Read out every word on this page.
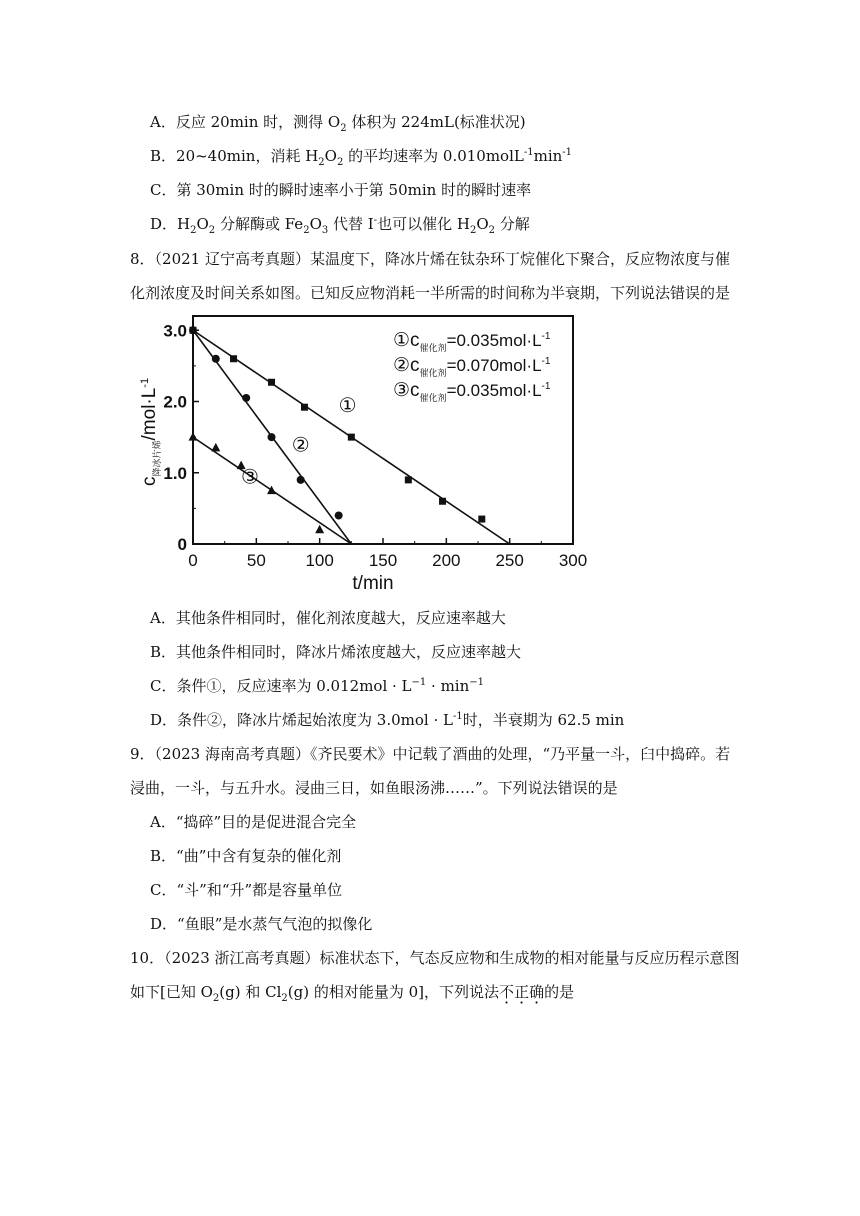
A．反应 20min 时，测得 $O_2$ 体积为 224mL(标准状况)
B．20~40min，消耗 $H_2O_2$ 的平均速率为 $0.010molL^{-1}\min^{-1}$
C．第 30min 时的瞬时速率小于第 50min 时的瞬时速率
D．$H_2O_2$ 分解酶或 $Fe_2O_3$ 代替 I-也可以催化 $H_2O_2$ 分解
8．（2021 辽宁高考真题）某温度下，降冰片烯在钛杂环丁烷催化下聚合，反应物浓度与催
化剂浓度及时间关系如图。已知反应物消耗一半所需的时间称为半衰期，下列说法错误的是
0	50 100 150 200 250 300
0
1.0
2.0
3.0
t/min
$c_{降冰片烯}/mol\cdot L^{-1}$
①
②
③
$①c_{催化剂}=0.035mol\cdot L^{-1}$
$②c_{催化剂}=0.070mol\cdot L^{-1}$
$③c_{催化剂}=0.035mol\cdot L^{-1}$
A．其他条件相同时，催化剂浓度越大，反应速率越大
B．其他条件相同时，降冰片烯浓度越大，反应速率越大
C．条件①，反应速率为 $0.012mol \cdot L^{-1} \cdot \min^{-1}$
D．条件②，降冰片烯起始浓度为 $3.0mol \cdot L^{-1}$时，半衰期为 62.5 min
9．（2023 海南高考真题）《齐民要术》中记载了酒曲的处理，“乃平量一斗，臼中捣碎。若
浸曲，一斗，与五升水。浸曲三日，如鱼眼汤沸……”。下列说法错误的是
A．“捣碎”目的是促进混合完全
B．“曲”中含有复杂的催化剂
C．“斗”和“升”都是容量单位
D．“鱼眼”是水蒸气气泡的拟像化
10．（2023 浙江高考真题）标准状态下，气态反应物和生成物的相对能量与反应历程示意图
如下[已知 $O_2(g)$ 和 $Cl_2(g)$ 的相对能量为 0]，下列说法不正确的是
